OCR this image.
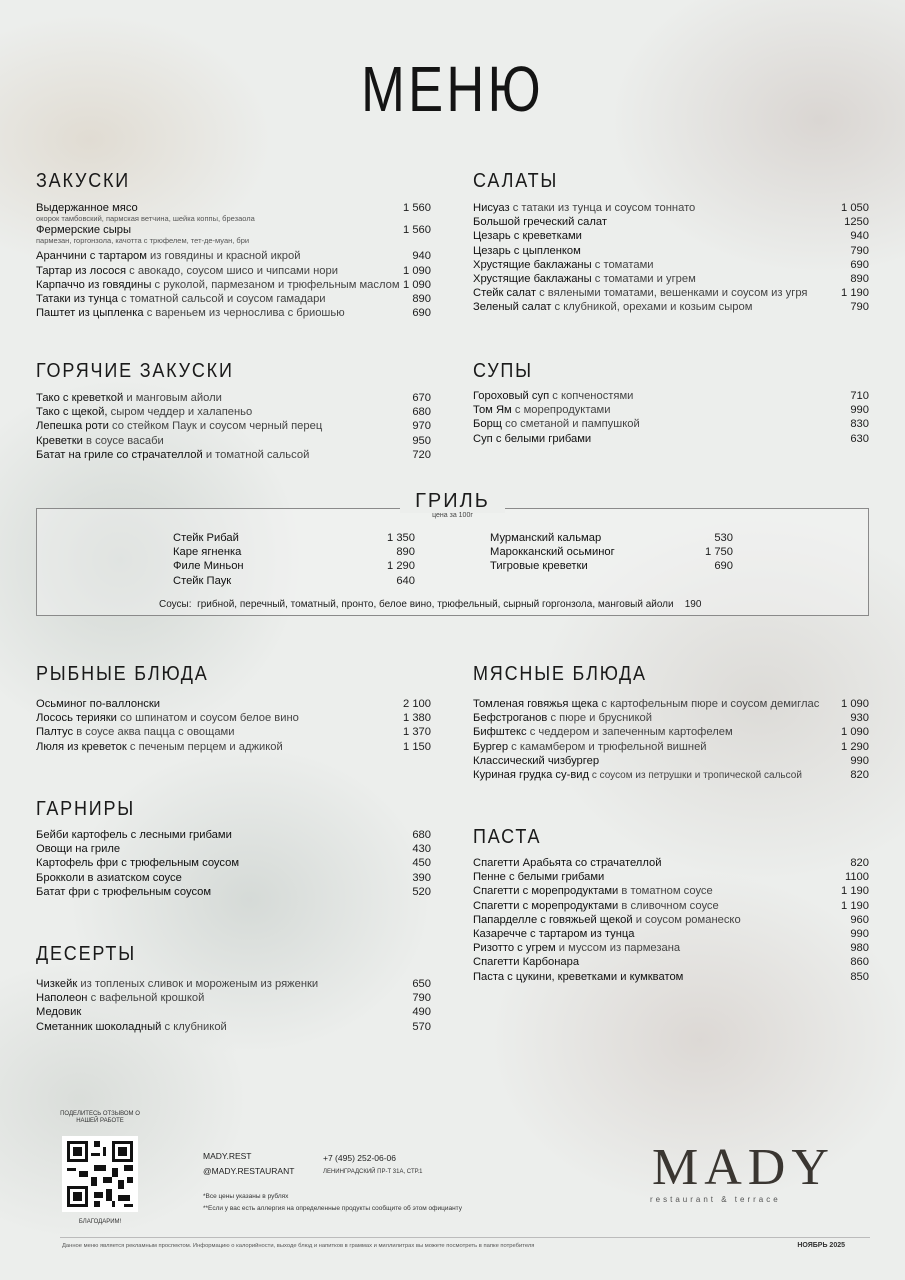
МЕНЮ
ЗАКУСКИ
Выдержанное мясо	1 560
окорок тамбовский, пармская ветчина, шейка коппы, брезаола
Фермерские сыры	1 560
пармезан, горгонзола, качотта с трюфелем, тет-де-муан, бри
Аранчини с тартаром из говядины и красной икрой	940
Тартар из лосося с авокадо, соусом шисо и чипсами нори	1 090
Карпаччо из говядины с руколой, пармезаном и трюфельным маслом 1 090
Татаки из тунца с томатной сальсой и соусом гамадари	890
Паштет из цыпленка с вареньем из чернослива с бриошью	690
САЛАТЫ
Нисуаз с татаки из тунца и соусом тоннато	1 050
Большой греческий салат	1250
Цезарь с креветками	940
Цезарь с цыпленком	790
Хрустящие баклажаны с томатами	690
Хрустящие баклажаны с томатами и угрем	890
Стейк салат с вялеными томатами, вешенками и соусом из угря	1 190
Зеленый салат с клубникой, орехами и козьим сыром	790
ГОРЯЧИЕ ЗАКУСКИ
Тако с креветкой и манговым айоли	670
Тако с щекой, сыром чеддер и халапеньо	680
Лепешка роти со стейком Паук и соусом черный перец	970
Креветки в соусе васаби	950
Батат на гриле со страчателлой и томатной сальсой	720
СУПЫ
Гороховый суп с копченостями	710
Том Ям с морепродуктами	990
Борщ со сметаной и пампушкой	830
Суп с белыми грибами	630
ГРИЛЬ
цена за 100г
Стейк Рибай	1 350
Каре ягненка	890
Филе Миньон	1 290
Стейк Паук	640
Мурманский кальмар	530
Марокканский осьминог	1 750
Тигровые креветки	690
Соусы: грибной, перечный, томатный, пронто, белое вино, трюфельный, сырный горгонзола, манговый айоли 190
РЫБНЫЕ БЛЮДА
Осьминог по-валлонски	2 100
Лосось терияки со шпинатом и соусом белое вино	1 380
Палтус в соусе аква пацца с овощами	1 370
Люля из креветок с печеным перцем и аджикой	1 150
МЯСНЫЕ БЛЮДА
Томленая говяжья щека с картофельным пюре и соусом демиглас 1 090
Бефстроганов с пюре и брусникой	930
Бифштекс с чеддером и запеченным картофелем	1 090
Бургер с камамбером и трюфельной вишней	1 290
Классический чизбургер	990
Куриная грудка су-вид с соусом из петрушки и тропической сальсой	820
ГАРНИРЫ
Бейби картофель с лесными грибами	680
Овощи на гриле	430
Картофель фри с трюфельным соусом	450
Брокколи в азиатском соусе	390
Батат фри с трюфельным соусом	520
ПАСТА
Спагетти Арабьята со страчателлой	820
Пенне с белыми грибами	1100
Спагетти с морепродуктами в томатном соусе	1 190
Спагетти с морепродуктами в сливочном соусе	1 190
Папарделле с говяжьей щекой и соусом романеско	960
Казаречче с тартаром из тунца	990
Ризотто с угрем и муссом из пармезана	980
Спагетти Карбонара	860
Паста с цукини, креветками и кумкватом	850
ДЕСЕРТЫ
Чизкейк из топленых сливок и мороженым из ряженки	650
Наполеон с вафельной крошкой	790
Медовик	490
Сметанник шоколадный с клубникой	570
ПОДЕЛИТЕСЬ ОТЗЫВОМ О НАШЕЙ РАБОТЕ
БЛАГОДАРИМ!
MADY.REST
@MADY.RESTAURANT
+7 (495) 252-06-06
ЛЕНИНГРАДСКИЙ ПР-Т 31А, СТР.1
*Все цены указаны в рублях
**Если у вас есть аллергия на определенные продукты сообщите об этом официанту
MADY
restaurant & terrace
Данное меню является рекламным проспектом. Информацию о калорийности, выходе блюд и напитков в граммах и миллилитрах вы можете посмотреть в папке потребителя	НОЯБРЬ 2025
